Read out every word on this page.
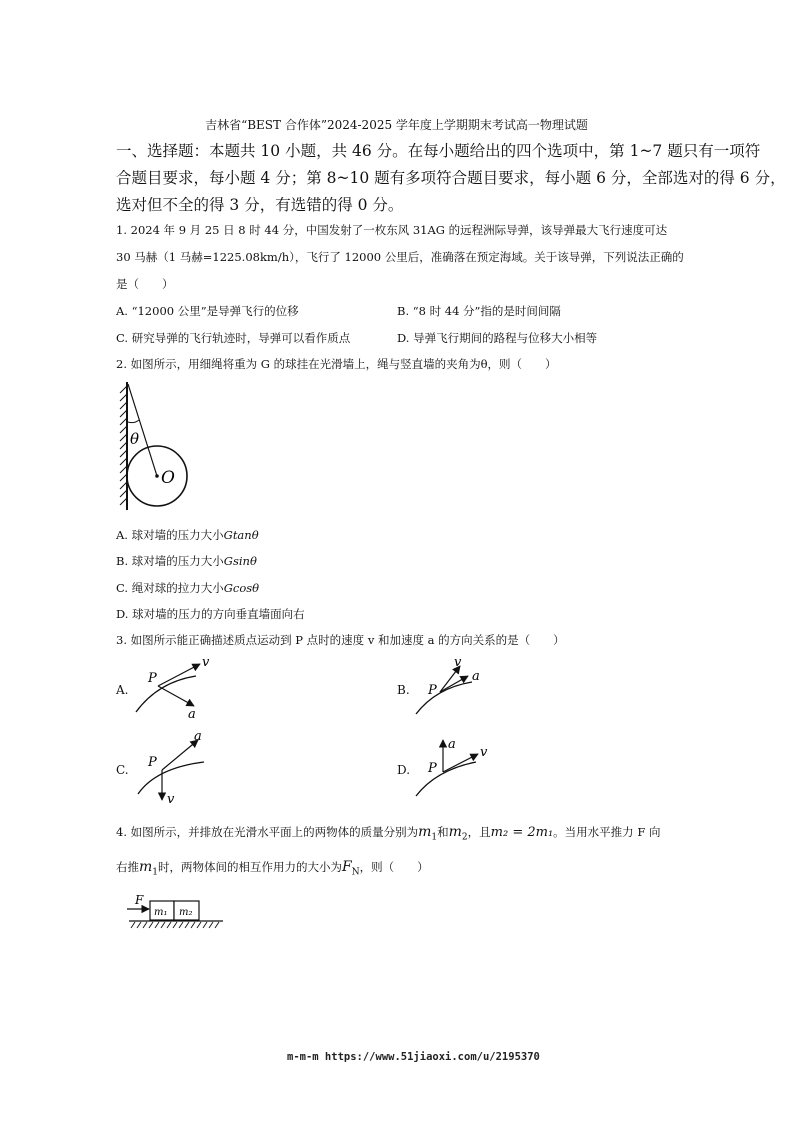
吉林省“BEST 合作体”2024-2025 学年度上学期期末考试高一物理试题
一、选择题：本题共 10 小题，共 46 分。在每小题给出的四个选项中，第 1~7 题只有一项符
合题目要求，每小题 4 分；第 8~10 题有多项符合题目要求，每小题 6 分，全部选对的得 6 分，
选对但不全的得 3 分，有选错的得 0 分。
1. 2024 年 9 月 25 日 8 时 44 分，中国发射了一枚东风 31AG 的远程洲际导弹，该导弹最大飞行速度可达
30 马赫（1 马赫=1225.08km/h），飞行了 12000 公里后，准确落在预定海域。关于该导弹，下列说法正确的
是（　　）
A. “12000 公里”是导弹飞行的位移	B. “8 时 44 分”指的是时间间隔
C. 研究导弹的飞行轨迹时，导弹可以看作质点	D. 导弹飞行期间的路程与位移大小相等
2. 如图所示，用细绳将重为 G 的球挂在光滑墙上，绳与竖直墙的夹角为θ，则（　　）
θ
O
A. 球对墙的压力大小Gtanθ
B. 球对墙的压力大小Gsinθ
C. 绳对球的拉力大小Gcosθ
D. 球对墙的压力的方向垂直墙面向右
3. 如图所示能正确描述质点运动到 P 点时的速度 v 和加速度 a 的方向关系的是（　　）
A.
P
v
a
B. P
v
a
C. P
a
v
D. P
a
v
4. 如图所示，并排放在光滑水平面上的两物体的质量分别为$m_1$和$m_2$，且m₂ = 2m₁。当用水平推力 F 向
右推$m_1$时，两物体间的相互作用力的大小为$F_N$，则（　　）
F
m₁ m₂
m-m-m https://www.51jiaoxi.com/u/2195370
